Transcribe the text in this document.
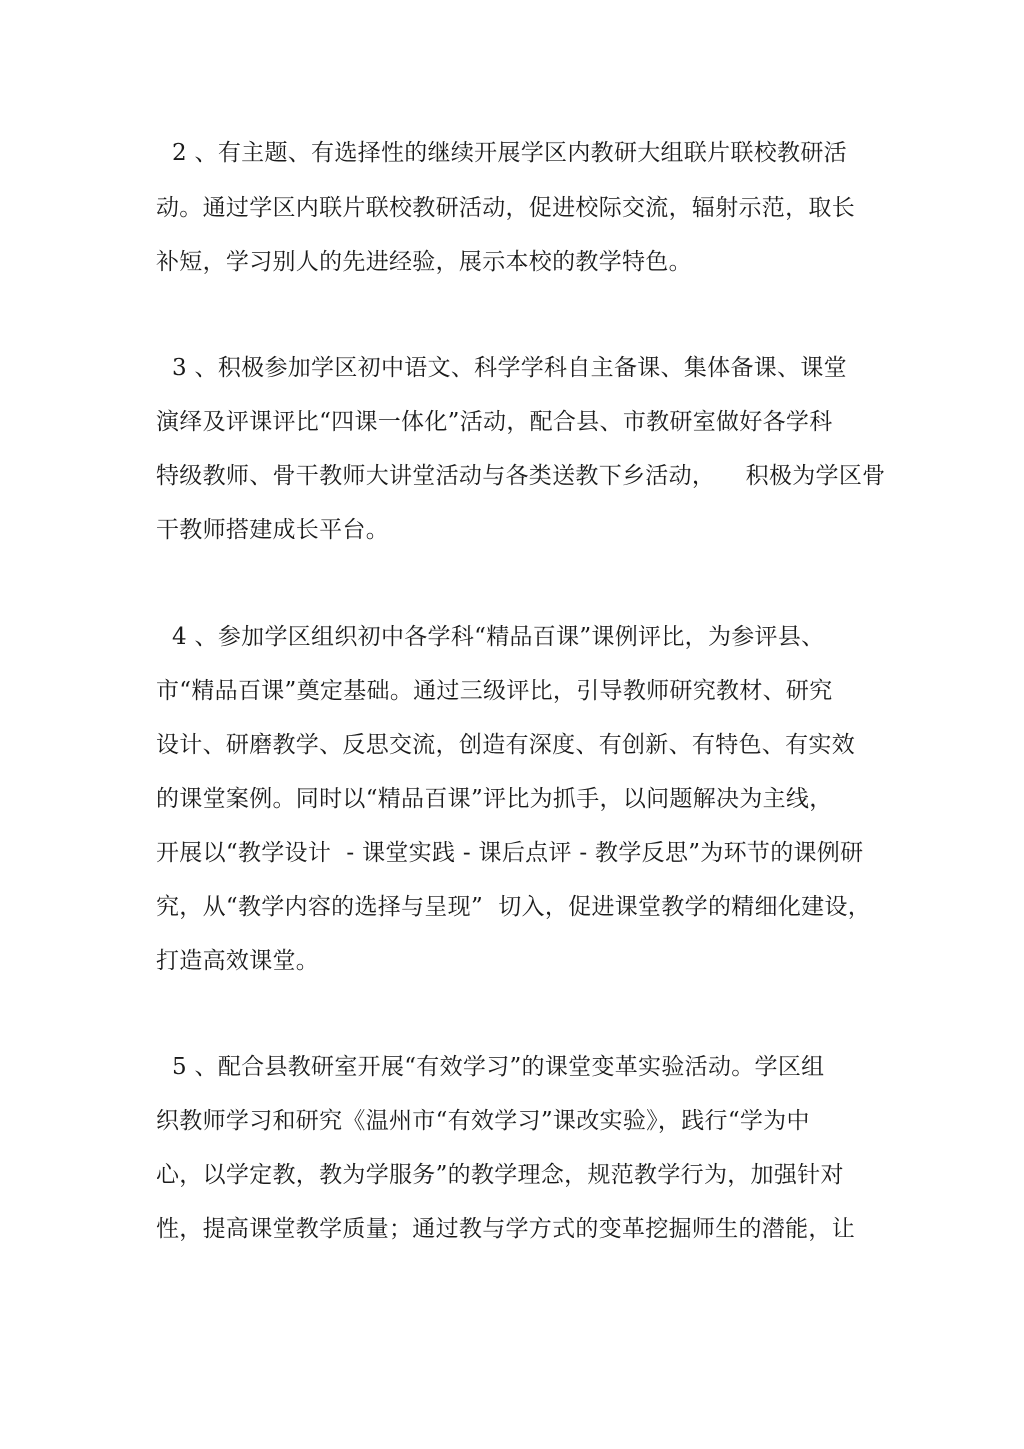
2 、有主题、有选择性的继续开展学区内教研大组联片联校教研活
动。通过学区内联片联校教研活动，促进校际交流，辐射示范，取长
补短，学习别人的先进经验，展示本校的教学特色。
3 、积极参加学区初中语文、科学学科自主备课、集体备课、课堂
演绎及评课评比“四课一体化”活动，配合县、市教研室做好各学科
特级教师、骨干教师大讲堂活动与各类送教下乡活动，    积极为学区骨
干教师搭建成长平台。
4 、参加学区组织初中各学科“精品百课”课例评比，为参评县、
市“精品百课”奠定基础。通过三级评比，引导教师研究教材、研究
设计、研磨教学、反思交流，创造有深度、有创新、有特色、有实效
的课堂案例。同时以“精品百课”评比为抓手，以问题解决为主线，
开展以“教学设计  - 课堂实践 - 课后点评 - 教学反思”为环节的课例研
究，从“教学内容的选择与呈现”  切入，促进课堂教学的精细化建设，
打造高效课堂。
5 、配合县教研室开展“有效学习”的课堂变革实验活动。学区组
织教师学习和研究《温州市“有效学习”课改实验》，践行“学为中
心，以学定教，教为学服务”的教学理念，规范教学行为，加强针对
性，提高课堂教学质量；通过教与学方式的变革挖掘师生的潜能，让
